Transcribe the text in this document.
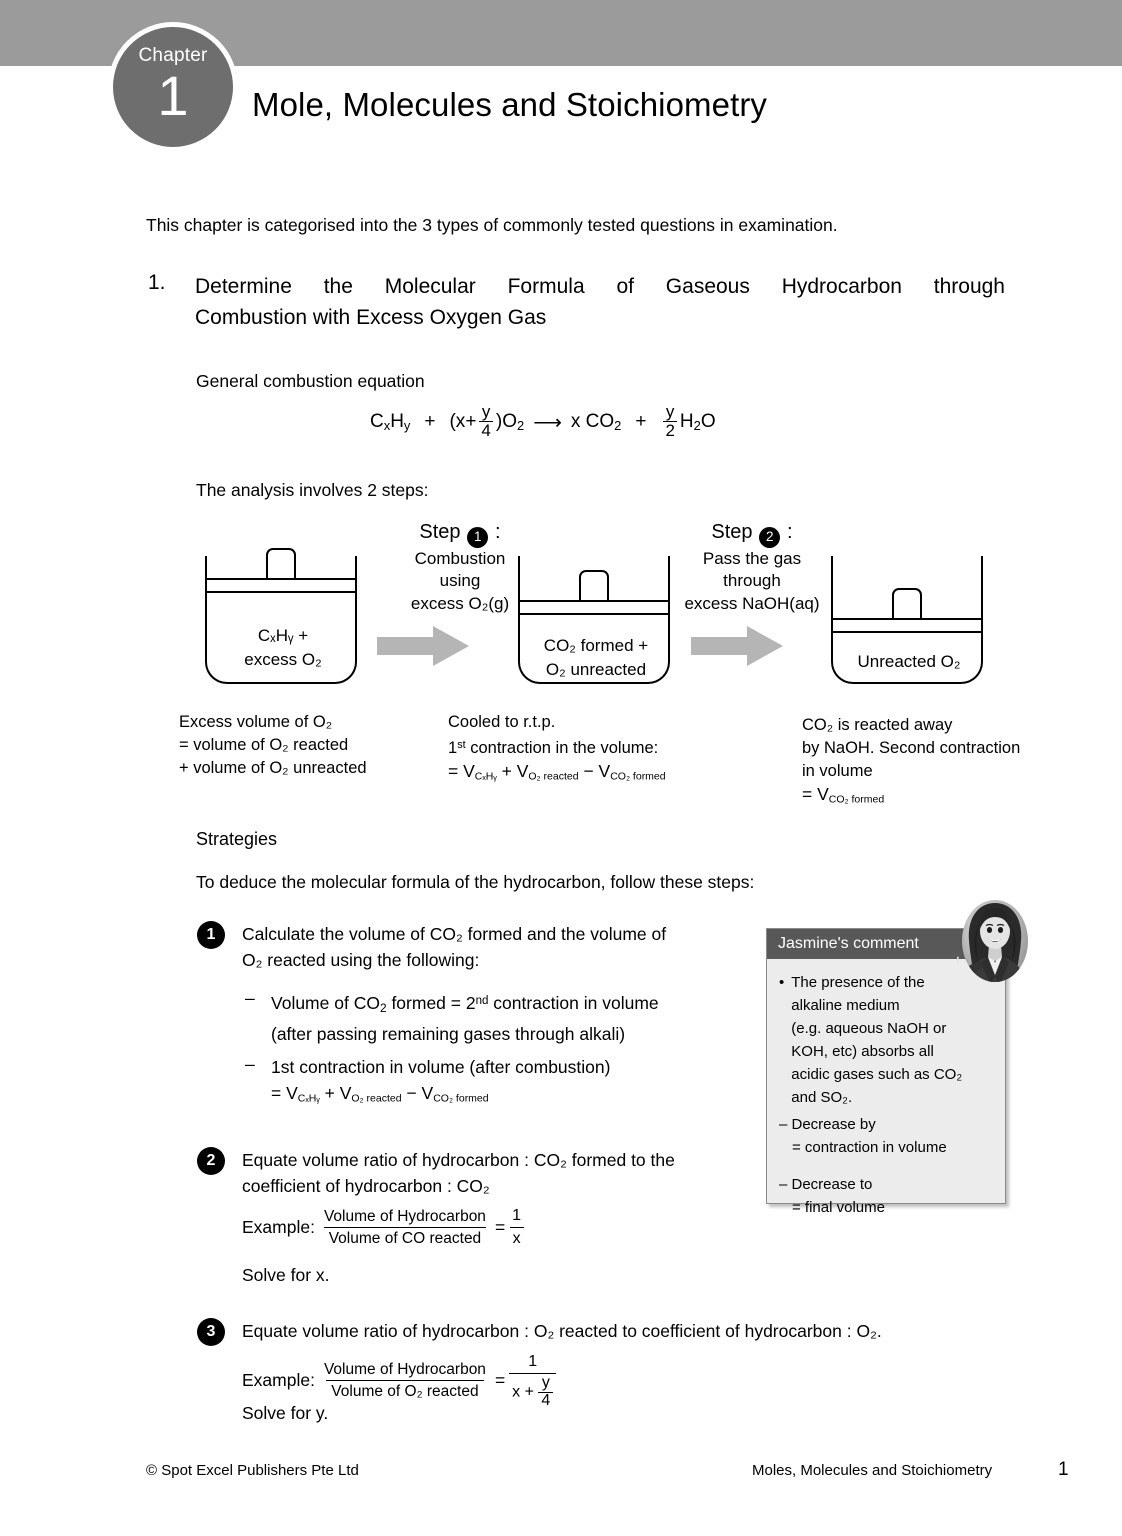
Chapter
1 Mole, Molecules and Stoichiometry
This chapter is categorised into the 3 types of commonly tested questions in examination.
1. Determine the Molecular Formula of Gaseous Hydrocarbon through
Combustion with Excess Oxygen Gas
General combustion equation
$C_xH_y + (x + \frac{y}{4} )O_2$ ⟶ x $CO_2 + \frac{y}{2} H_2O$
The analysis involves 2 steps:
Step 1 :
Combustion
using
excess O₂(g)
Step 2 :
Pass the gas
through
excess NaOH(aq)
CₓHᵧ +
excess O₂
CO₂ formed +
O₂ unreacted	Unreacted O₂
Excess volume of O₂
= volume of O₂ reacted
+ volume of O₂ unreacted
Cooled to r.t.p.
1st contraction in the volume:
= $V_{C_xHᵧ} + V_{O_2 reacted} - V_{CO_2 formed}$
CO₂ is reacted away
by NaOH. Second contraction
in volume
= $V_{CO_2 formed}$
Strategies
To deduce the molecular formula of the hydrocarbon, follow these steps:
1	Calculate the volume of CO₂ formed and the volume of
O₂ reacted using the following:
– Volume of $CO_2$ formed = 2nd contraction in volume
(after passing remaining gases through alkali)
– 1st contraction in volume (after combustion)
= $V_{C_xHᵧ} + V_{O_2 reacted} - V_{CO_2 formed}$
2	Equate volume ratio of hydrocarbon : CO₂ formed to the
coefficient of hydrocarbon : CO₂
Example: $\frac{\text{Volume of Hydrocarbon}}{\text{Volume of CO reacted}} = \frac{1}{x}$
Solve for x.
3	Equate volume ratio of hydrocarbon : O₂ reacted to coefficient of hydrocarbon : O₂.
Example: $\frac{\text{Volume of Hydrocarbon}}{\text{Volume of O₂ reacted}} = \frac{1}{x + \frac{y}{4}}$
Solve for y.
Jasmine's comment
• The presence of the
alkaline medium
(e.g. aqueous NaOH or
KOH, etc) absorbs all
acidic gases such as CO₂
and SO₂.
– Decrease by
= contraction in volume
– Decrease to
= final volume
© Spot Excel Publishers Pte Ltd	Moles, Molecules and Stoichiometry	1
